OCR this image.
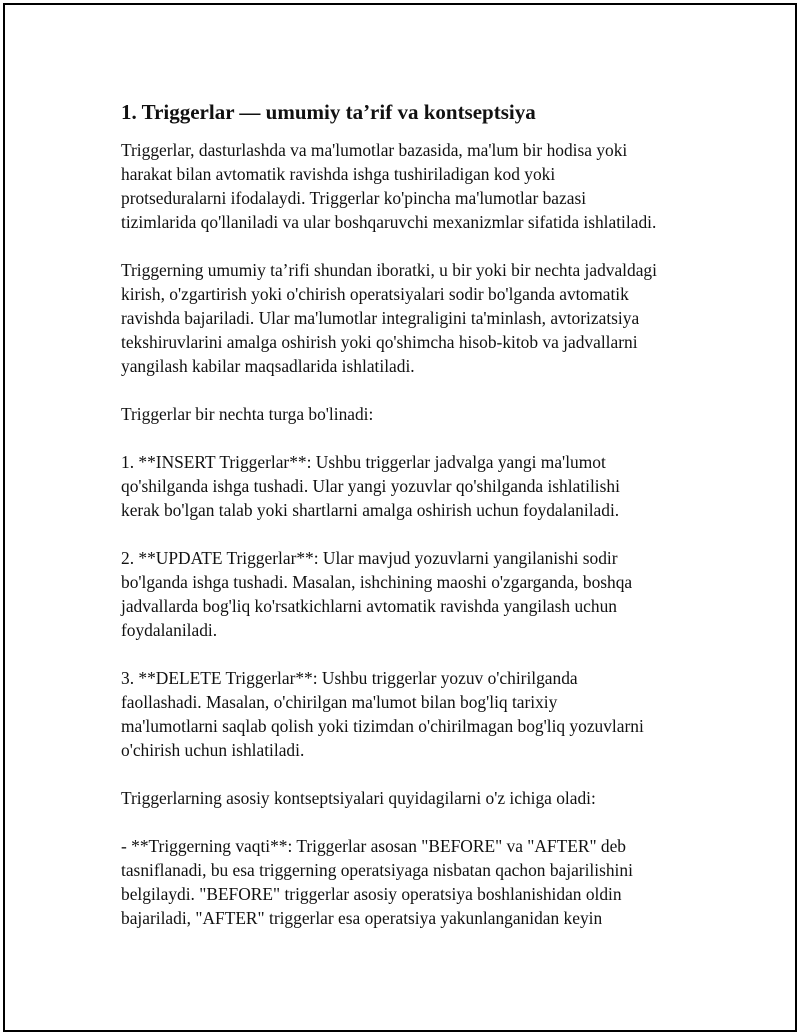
1. Triggerlar — umumiy ta’rif va kontseptsiya
Triggerlar, dasturlashda va ma'lumotlar bazasida, ma'lum bir hodisa yoki
harakat bilan avtomatik ravishda ishga tushiriladigan kod yoki
protseduralarni ifodalaydi. Triggerlar ko'pincha ma'lumotlar bazasi
tizimlarida qo'llaniladi va ular boshqaruvchi mexanizmlar sifatida ishlatiladi.
Triggerning umumiy ta’rifi shundan iboratki, u bir yoki bir nechta jadvaldagi
kirish, o'zgartirish yoki o'chirish operatsiyalari sodir bo'lganda avtomatik
ravishda bajariladi. Ular ma'lumotlar integraligini ta'minlash, avtorizatsiya
tekshiruvlarini amalga oshirish yoki qo'shimcha hisob-kitob va jadvallarni
yangilash kabilar maqsadlarida ishlatiladi.
Triggerlar bir nechta turga bo'linadi:
1. **INSERT Triggerlar**: Ushbu triggerlar jadvalga yangi ma'lumot
qo'shilganda ishga tushadi. Ular yangi yozuvlar qo'shilganda ishlatilishi
kerak bo'lgan talab yoki shartlarni amalga oshirish uchun foydalaniladi.
2. **UPDATE Triggerlar**: Ular mavjud yozuvlarni yangilanishi sodir
bo'lganda ishga tushadi. Masalan, ishchining maoshi o'zgarganda, boshqa
jadvallarda bog'liq ko'rsatkichlarni avtomatik ravishda yangilash uchun
foydalaniladi.
3. **DELETE Triggerlar**: Ushbu triggerlar yozuv o'chirilganda
faollashadi. Masalan, o'chirilgan ma'lumot bilan bog'liq tarixiy
ma'lumotlarni saqlab qolish yoki tizimdan o'chirilmagan bog'liq yozuvlarni
o'chirish uchun ishlatiladi.
Triggerlarning asosiy kontseptsiyalari quyidagilarni o'z ichiga oladi:
- **Triggerning vaqti**: Triggerlar asosan "BEFORE" va "AFTER" deb
tasniflanadi, bu esa triggerning operatsiyaga nisbatan qachon bajarilishini
belgilaydi. "BEFORE" triggerlar asosiy operatsiya boshlanishidan oldin
bajariladi, "AFTER" triggerlar esa operatsiya yakunlanganidan keyin
